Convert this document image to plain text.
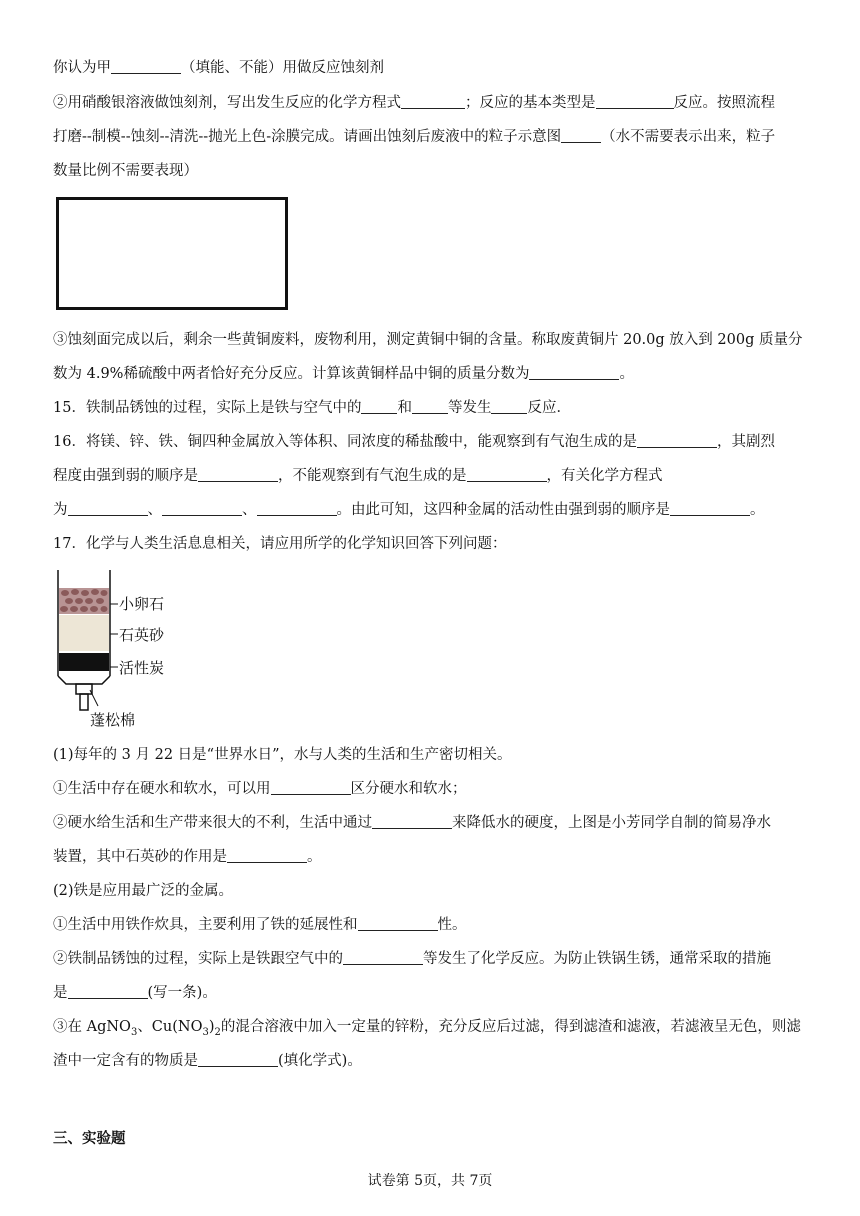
你认为甲	（填能、不能）用做反应蚀刻剂
②用硝酸银溶液做蚀刻剂，写出发生反应的化学方程式	；反应的基本类型是	反应。按照流程
打磨--制模--蚀刻--清洗--抛光上色-涂膜完成。请画出蚀刻后废液中的粒子示意图	（水不需要表示出来，粒子
数量比例不需要表现）
③蚀刻面完成以后，剩余一些黄铜废料，废物利用，测定黄铜中铜的含量。称取废黄铜片 20.0g 放入到 200g 质量分
数为 4.9%稀硫酸中两者恰好充分反应。计算该黄铜样品中铜的质量分数为	。
15．铁制品锈蚀的过程，实际上是铁与空气中的 和 等发生 反应．
16．将镁、锌、铁、铜四种金属放入等体积、同浓度的稀盐酸中，能观察到有气泡生成的是	，其剧烈
程度由强到弱的顺序是	，不能观察到有气泡生成的是	，有关化学方程式
为	、	、	。由此可知，这四种金属的活动性由强到弱的顺序是	。
17．化学与人类生活息息相关，请应用所学的化学知识回答下列问题：
小卵石
石英砂
活性炭
蓬松棉
(1)每年的 3 月 22 日是“世界水日”，水与人类的生活和生产密切相关。
①生活中存在硬水和软水，可以用	区分硬水和软水；
②硬水给生活和生产带来很大的不利，生活中通过	来降低水的硬度，上图是小芳同学自制的简易净水
装置，其中石英砂的作用是	。
(2)铁是应用最广泛的金属。
①生活中用铁作炊具，主要利用了铁的延展性和	性。
②铁制品锈蚀的过程，实际上是铁跟空气中的	等发生了化学反应。为防止铁锅生锈，通常采取的措施
是	(写一条)。
③在 AgNO$_3$、$Cu(NO_3)_2$的混合溶液中加入一定量的锌粉，充分反应后过滤，得到滤渣和滤液，若滤液呈无色，则滤
渣中一定含有的物质是	(填化学式)。
三、实验题
试卷第 5页，共 7页
